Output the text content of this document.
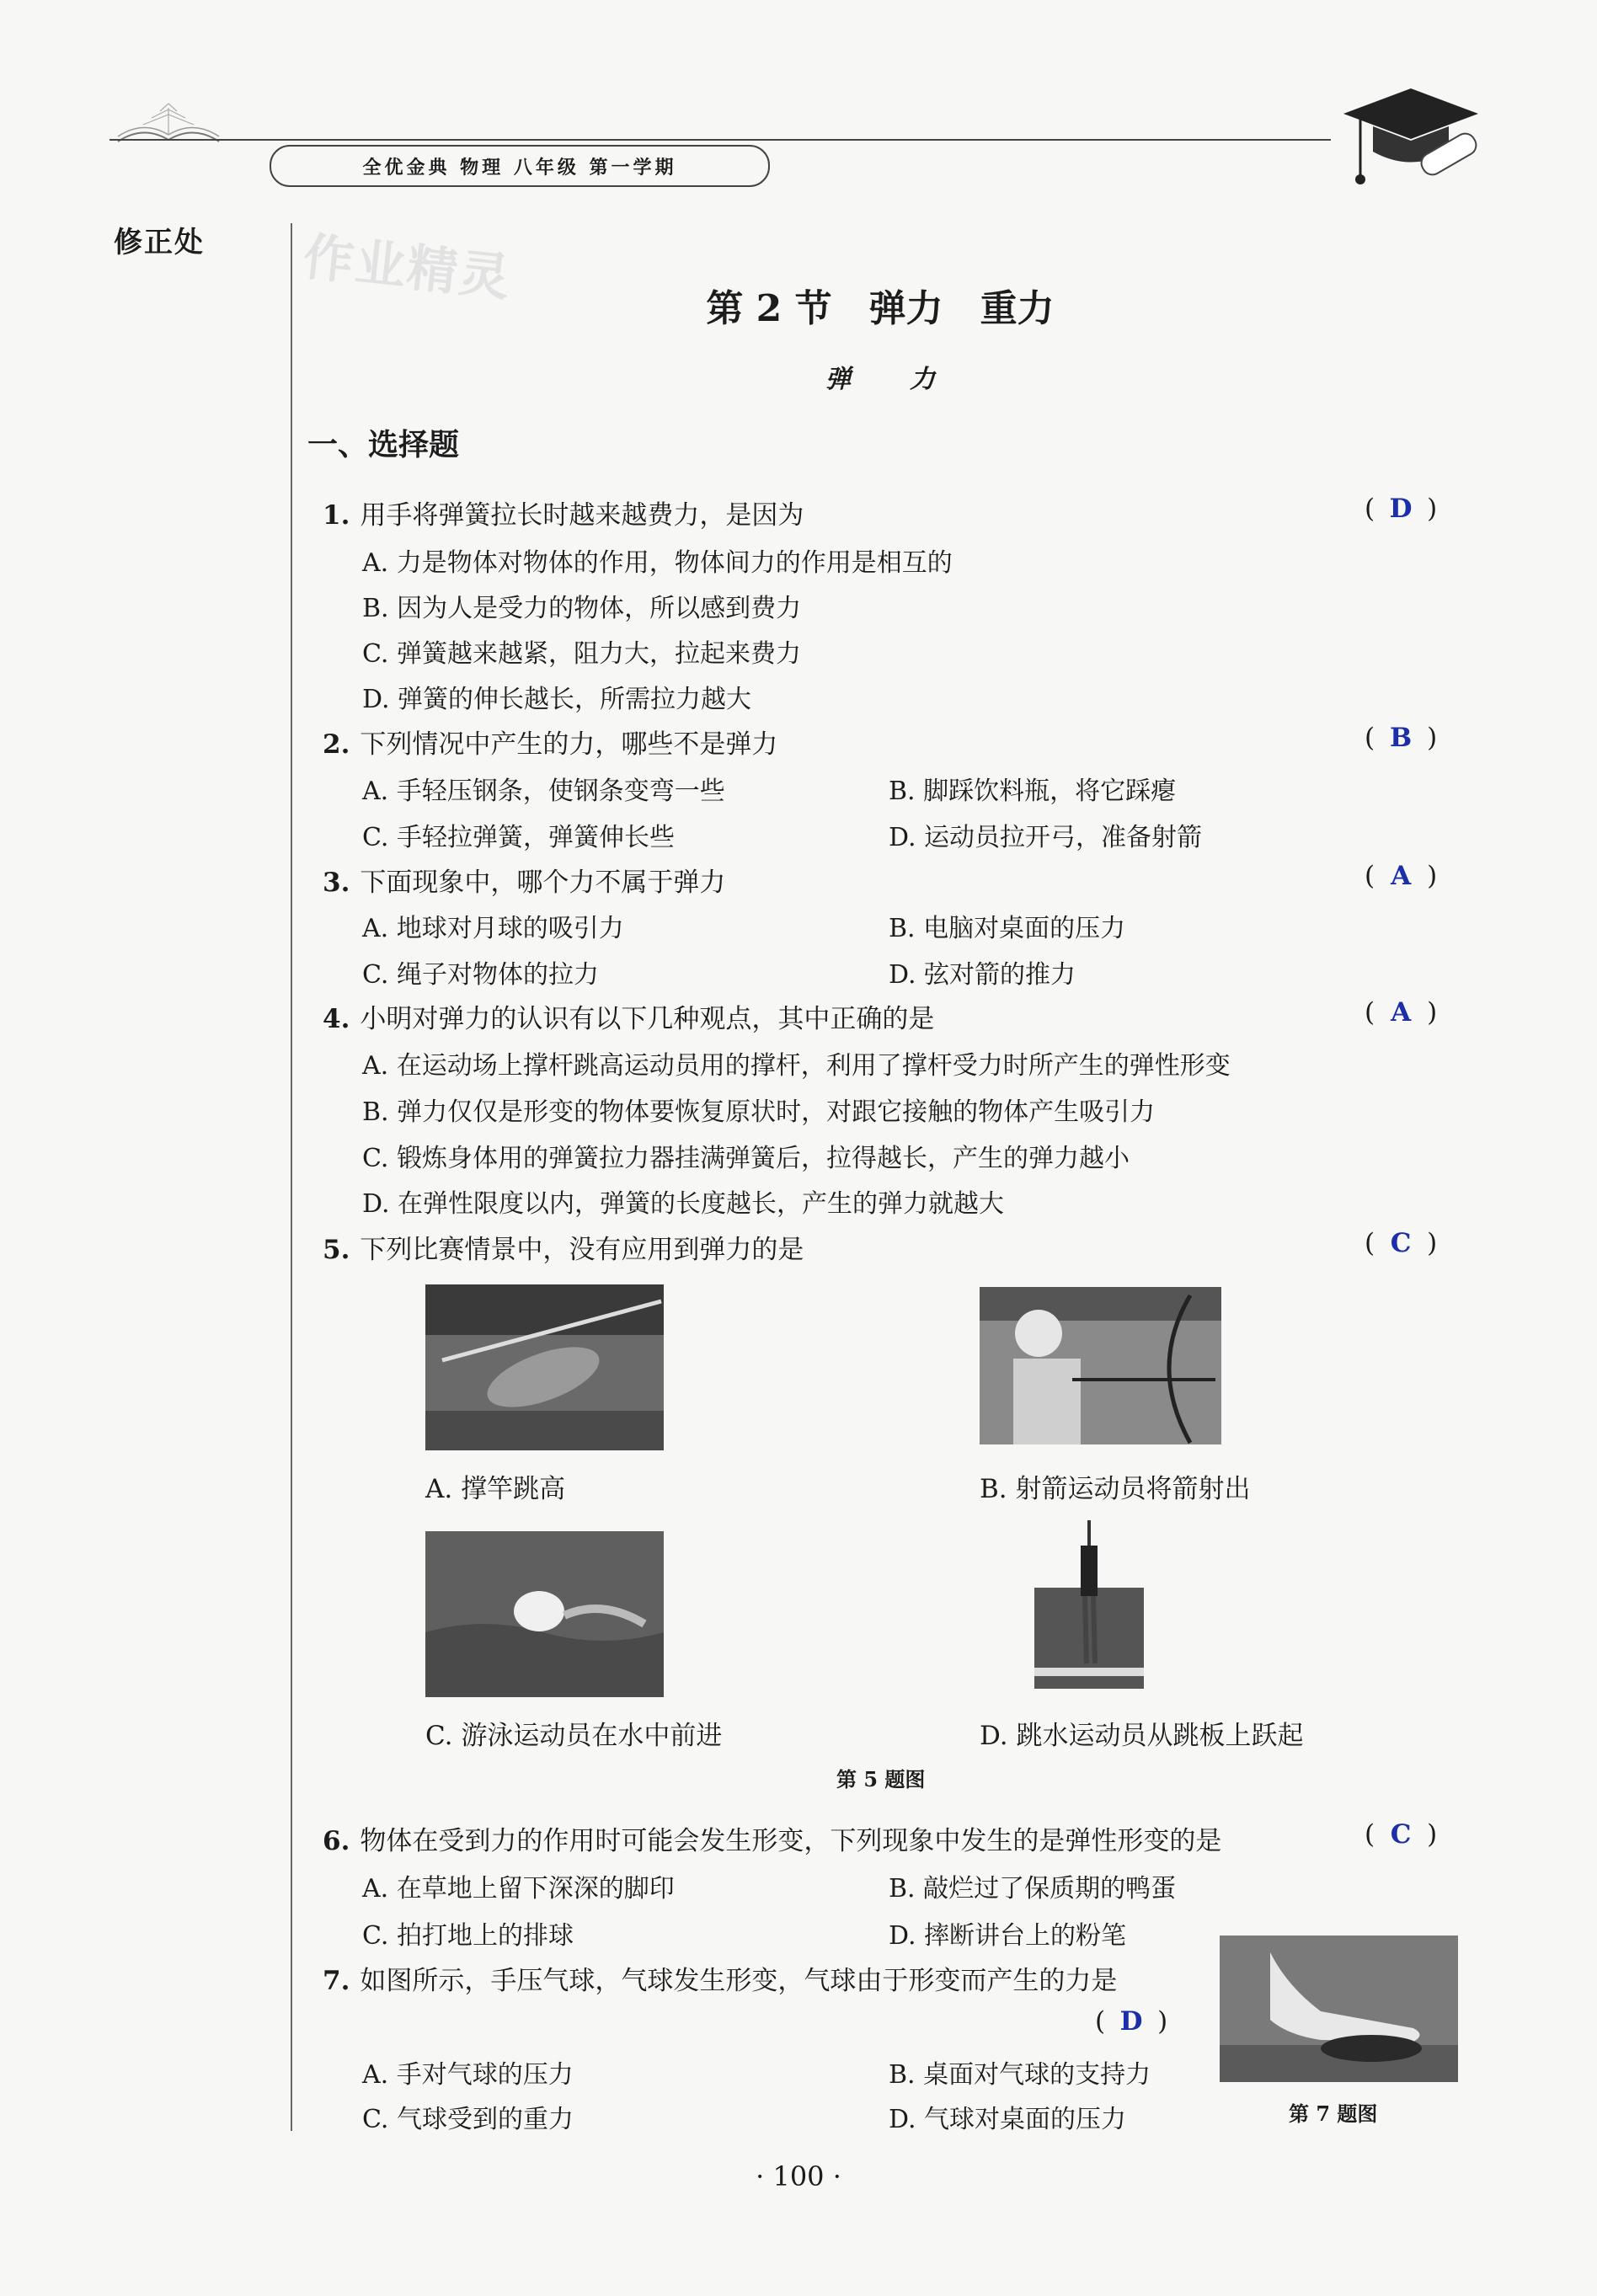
全优金典 物理 八年级 第一学期
修正处 作业精灵
第 2 节　弹力　重力
弹力
一、选择题
1. 用手将弹簧拉长时越来越费力，是因为	( D )
A. 力是物体对物体的作用，物体间力的作用是相互的
B. 因为人是受力的物体，所以感到费力
C. 弹簧越来越紧，阻力大，拉起来费力
D. 弹簧的伸长越长，所需拉力越大
2. 下列情况中产生的力，哪些不是弹力	( B )
A. 手轻压钢条，使钢条变弯一些	B. 脚踩饮料瓶，将它踩瘪
C. 手轻拉弹簧，弹簧伸长些	D. 运动员拉开弓，准备射箭
3. 下面现象中，哪个力不属于弹力	( A )
A. 地球对月球的吸引力	B. 电脑对桌面的压力
C. 绳子对物体的拉力	D. 弦对箭的推力
4. 小明对弹力的认识有以下几种观点，其中正确的是	( A )
A. 在运动场上撑杆跳高运动员用的撑杆，利用了撑杆受力时所产生的弹性形变
B. 弹力仅仅是形变的物体要恢复原状时，对跟它接触的物体产生吸引力
C. 锻炼身体用的弹簧拉力器挂满弹簧后，拉得越长，产生的弹力越小
D. 在弹性限度以内，弹簧的长度越长，产生的弹力就越大
5. 下列比赛情景中，没有应用到弹力的是	( C )
A. 撑竿跳高	B. 射箭运动员将箭射出
C. 游泳运动员在水中前进	D. 跳水运动员从跳板上跃起
第 5 题图
6. 物体在受到力的作用时可能会发生形变，下列现象中发生的是弹性形变的是	( C )
A. 在草地上留下深深的脚印	B. 敲烂过了保质期的鸭蛋
C. 拍打地上的排球	D. 摔断讲台上的粉笔
7. 如图所示，手压气球，气球发生形变，气球由于形变而产生的力是
( D )
A. 手对气球的压力	B. 桌面对气球的支持力
C. 气球受到的重力	D. 气球对桌面的压力	第 7 题图
· 100 ·
